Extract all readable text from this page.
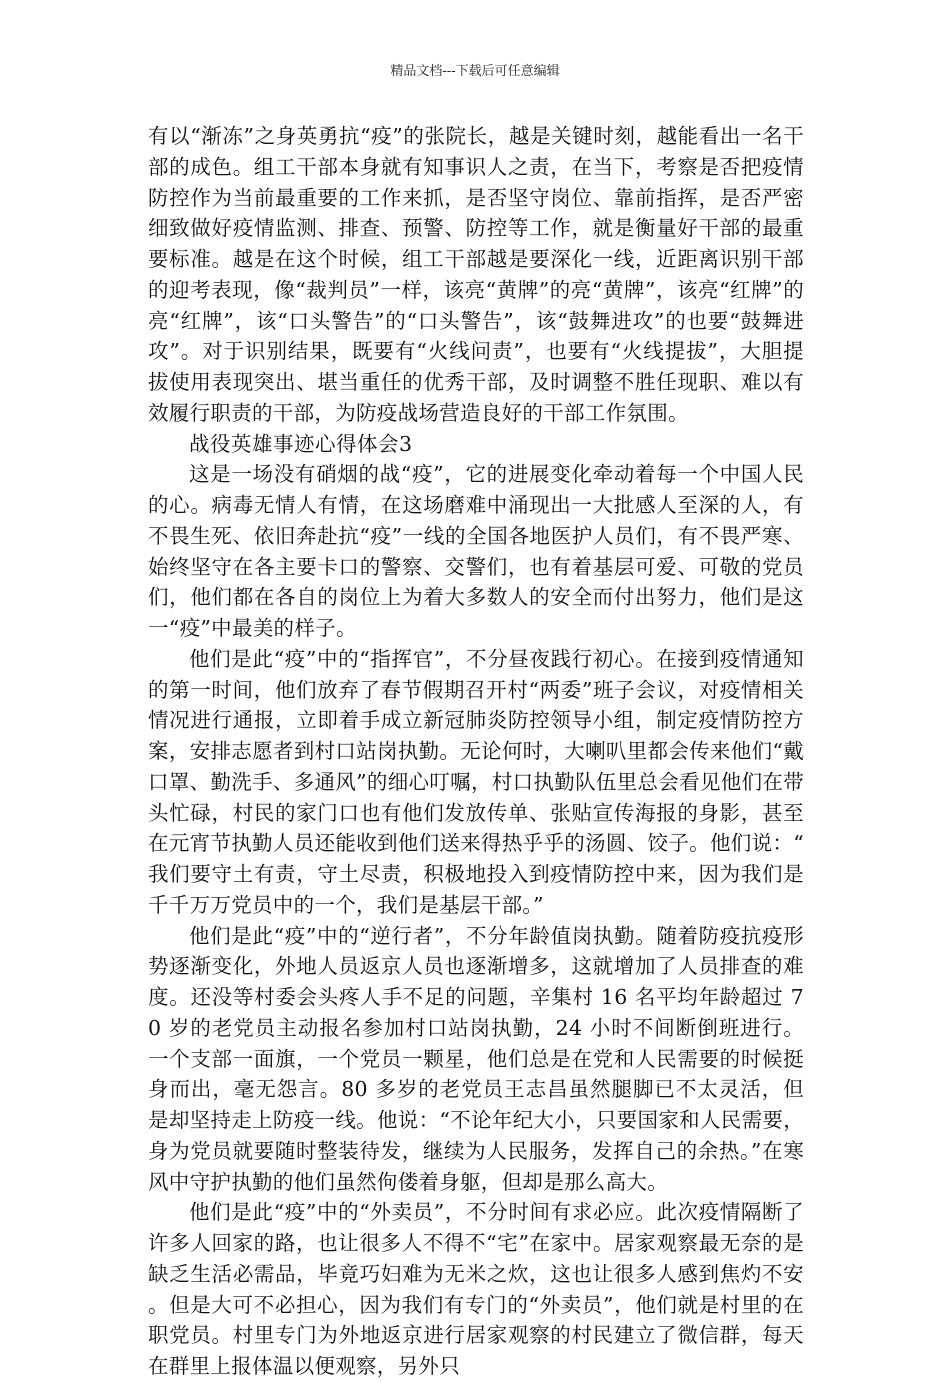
精品文档---下载后可任意编辑

有以“渐冻”之身英勇抗“疫”的张院长，越是关键时刻，越能看出一名干部的成色。组工干部本身就有知事识人之责，在当下，考察是否把疫情防控作为当前最重要的工作来抓，是否坚守岗位、靠前指挥，是否严密细致做好疫情监测、排查、预警、防控等工作，就是衡量好干部的最重要标准。越是在这个时候，组工干部越是要深化一线，近距离识别干部的迎考表现，像“裁判员”一样，该亮“黄牌”的亮“黄牌”，该亮“红牌”的亮“红牌”，该“口头警告”的“口头警告”，该“鼓舞进攻”的也要“鼓舞进攻”。对于识别结果，既要有“火线问责”，也要有“火线提拔”，大胆提拔使用表现突出、堪当重任的优秀干部，及时调整不胜任现职、难以有效履行职责的干部，为防疫战场营造良好的干部工作氛围。

战役英雄事迹心得体会3

这是一场没有硝烟的战“疫”，它的进展变化牵动着每一个中国人民的心。病毒无情人有情，在这场磨难中涌现出一大批感人至深的人，有不畏生死、依旧奔赴抗“疫”一线的全国各地医护人员们，有不畏严寒、始终坚守在各主要卡口的警察、交警们，也有着基层可爱、可敬的党员们，他们都在各自的岗位上为着大多数人的安全而付出努力，他们是这一“疫”中最美的样子。

他们是此“疫”中的“指挥官”，不分昼夜践行初心。在接到疫情通知的第一时间，他们放弃了春节假期召开村“两委”班子会议，对疫情相关情况进行通报，立即着手成立新冠肺炎防控领导小组，制定疫情防控方案，安排志愿者到村口站岗执勤。无论何时，大喇叭里都会传来他们“戴口罩、勤洗手、多通风”的细心叮嘱，村口执勤队伍里总会看见他们在带头忙碌，村民的家门口也有他们发放传单、张贴宣传海报的身影，甚至在元宵节执勤人员还能收到他们送来得热乎乎的汤圆、饺子。他们说：“我们要守土有责，守土尽责，积极地投入到疫情防控中来，因为我们是千千万万党员中的一个，我们是基层干部。”

他们是此“疫”中的“逆行者”，不分年龄值岗执勤。随着防疫抗疫形势逐渐变化，外地人员返京人员也逐渐增多，这就增加了人员排查的难度。还没等村委会头疼人手不足的问题，辛集村 16 名平均年龄超过 70 岁的老党员主动报名参加村口站岗执勤，24 小时不间断倒班进行。一个支部一面旗，一个党员一颗星，他们总是在党和人民需要的时候挺身而出，毫无怨言。80 多岁的老党员王志昌虽然腿脚已不太灵活，但是却坚持走上防疫一线。他说：“不论年纪大小，只要国家和人民需要，身为党员就要随时整装待发，继续为人民服务，发挥自己的余热。”在寒风中守护执勤的他们虽然佝偻着身躯，但却是那么高大。

他们是此“疫”中的“外卖员”，不分时间有求必应。此次疫情隔断了许多人回家的路，也让很多人不得不“宅”在家中。居家观察最无奈的是缺乏生活必需品，毕竟巧妇难为无米之炊，这也让很多人感到焦灼不安。但是大可不必担心，因为我们有专门的“外卖员”，他们就是村里的在职党员。村里专门为外地返京进行居家观察的村民建立了微信群，每天在群里上报体温以便观察，另外只
